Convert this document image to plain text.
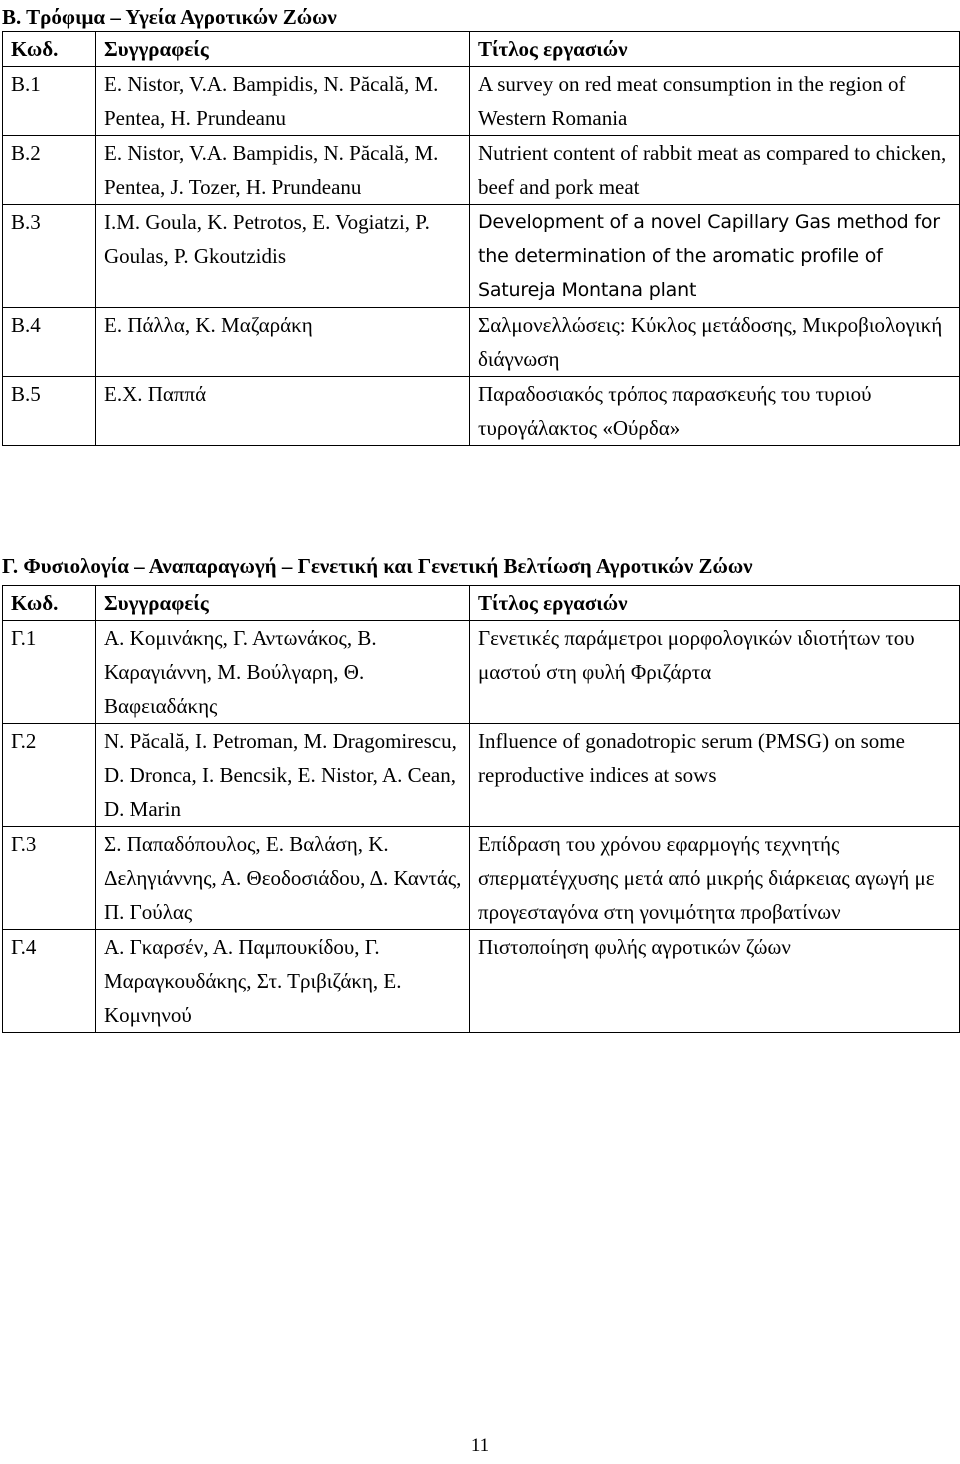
Β. Τρόφιμα – Υγεία Αγροτικών Ζώων
Κωδ.	Συγγραφείς	Τίτλος εργασιών
B.1	E. Nistor, V.A. Bampidis, N. Păcală, M. Pentea, H. Prundeanu	A survey on red meat consumption in the region of Western Romania
B.2	E. Nistor, V.A. Bampidis, N. Păcală, M. Pentea, J. Tozer, H. Prundeanu	Nutrient content of rabbit meat as compared to chicken, beef and pork meat
B.3	I.M. Goula, K. Petrotos, E. Vogiatzi, P. Goulas, P. Gkoutzidis	Development of a novel Capillary Gas method for the determination of the aromatic profile of Satureja Montana plant
B.4	Ε. Πάλλα, Κ. Μαζαράκη	Σαλμονελλώσεις: Κύκλος μετάδοσης, Μικροβιολογική διάγνωση
B.5	Ε.Χ. Παππά	Παραδοσιακός τρόπος παρασκευής του τυριού τυρογάλακτος «Ούρδα»
Γ. Φυσιολογία – Αναπαραγωγή – Γενετική και Γενετική Βελτίωση Αγροτικών Ζώων
Κωδ.	Συγγραφείς	Τίτλος εργασιών
Γ.1	Α. Κομινάκης, Γ. Αντωνάκος, Β. Καραγιάννη, Μ. Βούλγαρη, Θ. Βαφειαδάκης	Γενετικές παράμετροι μορφολογικών ιδιοτήτων του μαστού στη φυλή Φριζάρτα
Γ.2	N. Păcală, I. Petroman, M. Dragomirescu, D. Dronca, I. Bencsik, E. Nistor, A. Cean, D. Marin	Influence of gonadotropic serum (PMSG) on some reproductive indices at sows
Γ.3	Σ. Παπαδόπουλος, Ε. Βαλάση, Κ. Δεληγιάννης, Α. Θεοδοσιάδου, Δ. Καντάς, Π. Γούλας	Επίδραση του χρόνου εφαρμογής τεχνητής σπερματέγχυσης μετά από μικρής διάρκειας αγωγή με προγεσταγόνα στη γονιμότητα προβατίνων
Γ.4	Α. Γκαρσέν, Α. Παμπουκίδου, Γ. Μαραγκουδάκης, Στ. Τριβιζάκη, Ε. Κομνηνού	Πιστοποίηση φυλής αγροτικών ζώων
11
